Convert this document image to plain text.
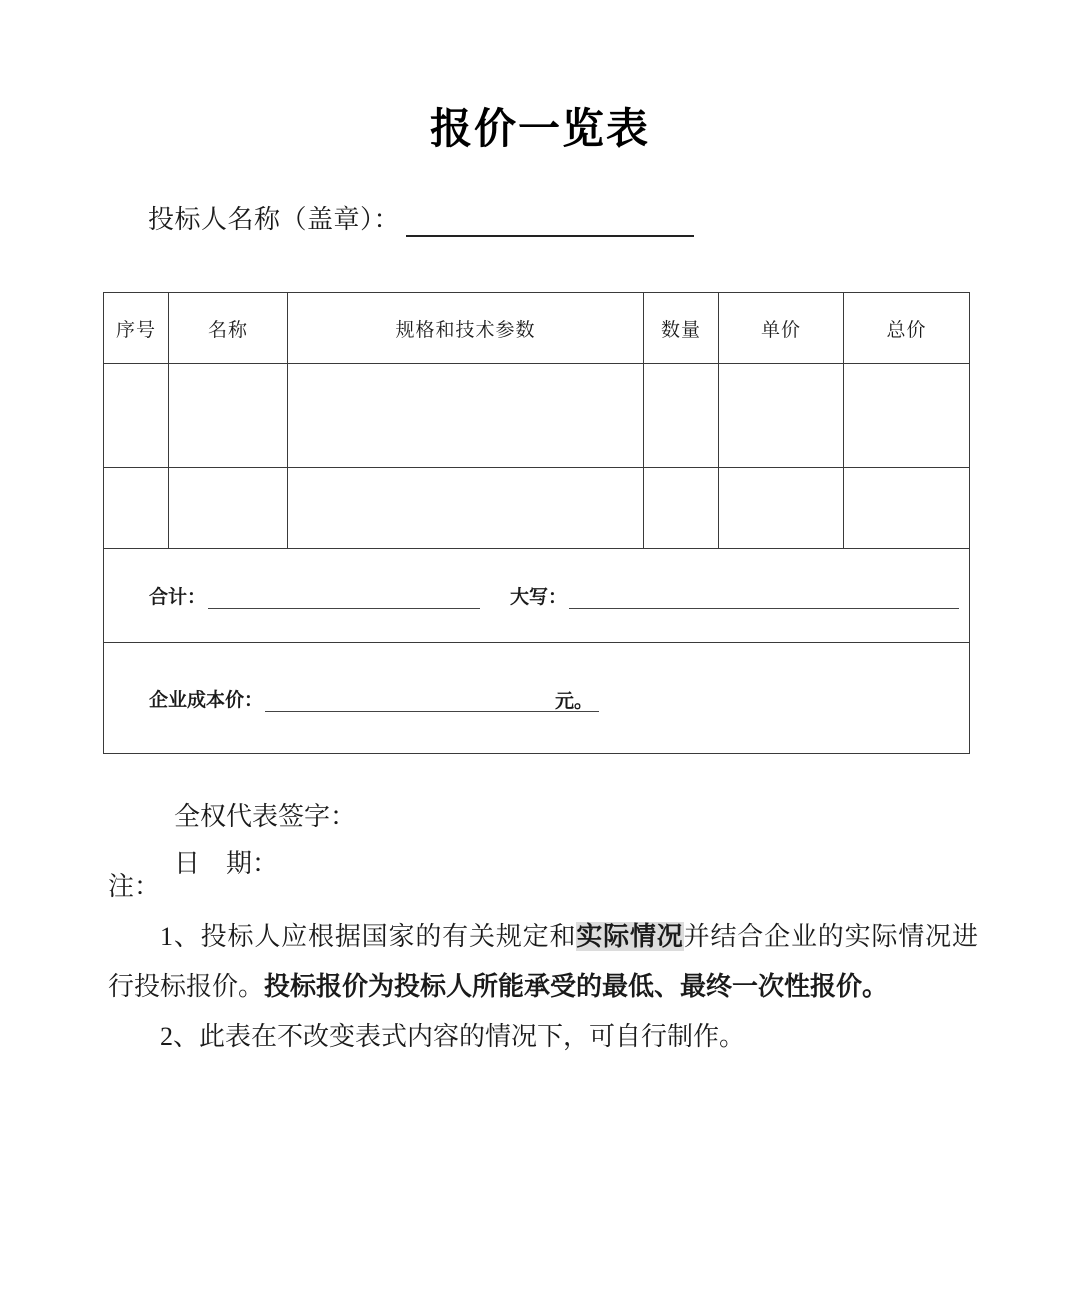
报价一览表
投标人名称（盖章）：
序号	名称	规格和技术参数	数量	单价	总价

合计： 大写：					

企业成本价： 元。					

全权代表签字：

日　期：

注：

1、投标人应根据国家的有关规定和实际情况并结合企业的实际情况进行投标报价。投标报价为投标人所能承受的最低、最终一次性报价。

2、此表在不改变表式内容的情况下，可自行制作。
